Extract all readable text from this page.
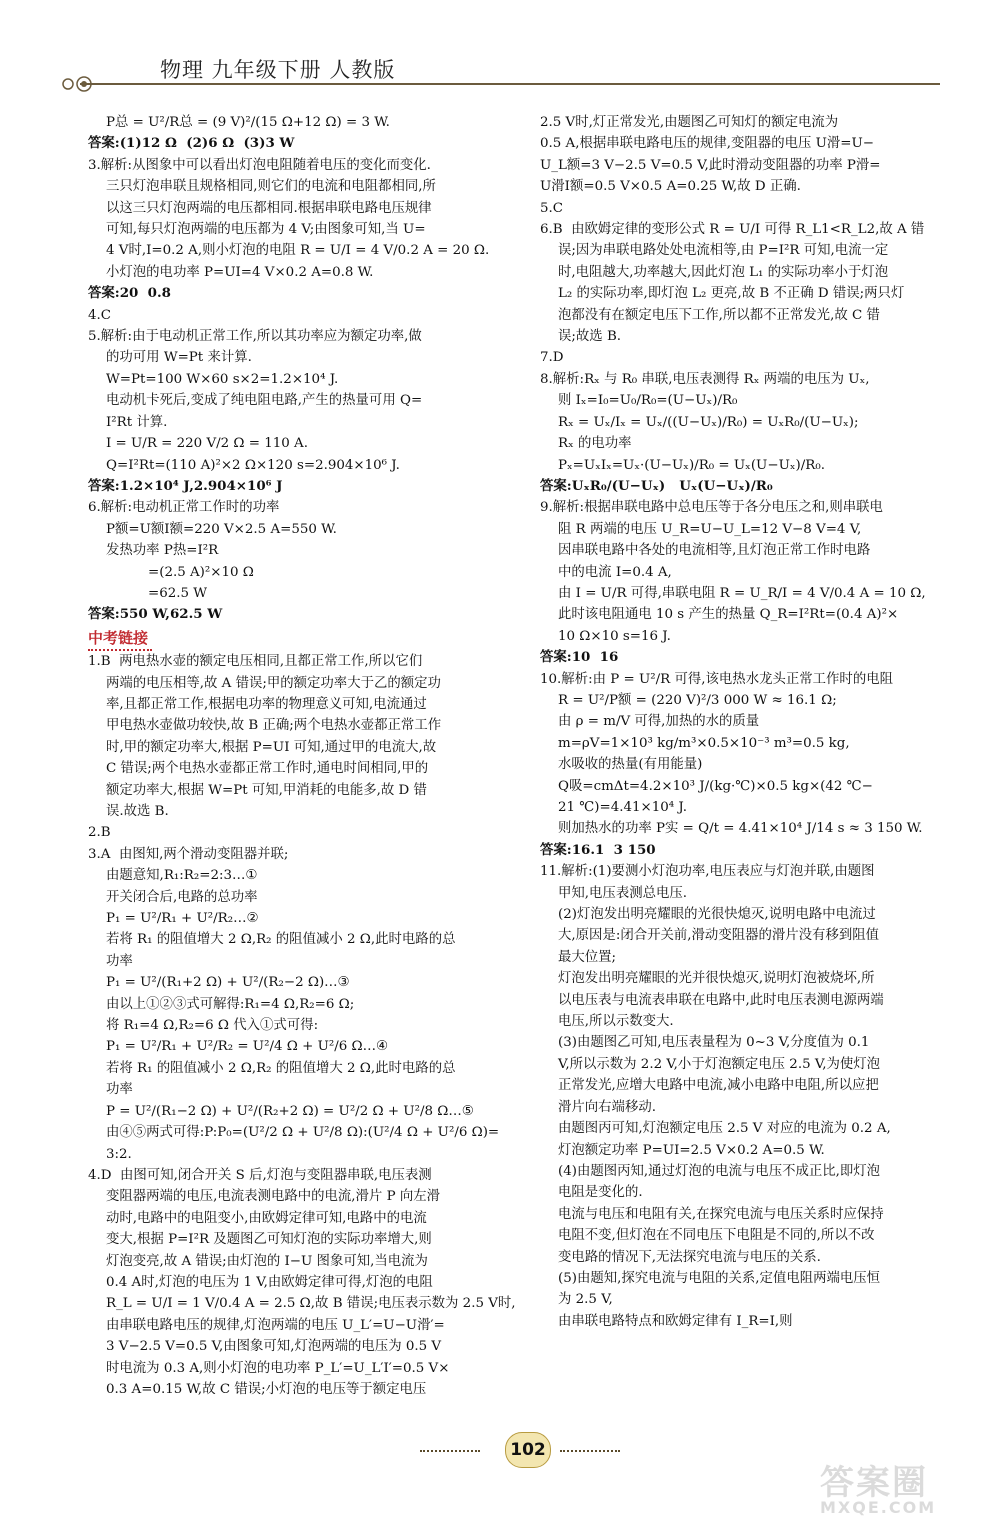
物理 九年级下册 人教版

P总 = U²/R总 = (9 V)²/(15 Ω+12 Ω) = 3 W.

答案:(1)12 Ω  (2)6 Ω  (3)3 W

3.解析:从图象中可以看出灯泡电阻随着电压的变化而变化.

三只灯泡串联且规格相同,则它们的电流和电阻都相同,所

以这三只灯泡两端的电压都相同.根据串联电路电压规律

可知,每只灯泡两端的电压都为 4 V;由图象可知,当 U=

4 V时,I=0.2 A,则小灯泡的电阻 R = U/I = 4 V/0.2 A = 20 Ω.

小灯泡的电功率 P=UI=4 V×0.2 A=0.8 W.

答案:20  0.8

4.C

5.解析:由于电动机正常工作,所以其功率应为额定功率,做

的功可用 W=Pt 来计算.

W=Pt=100 W×60 s×2=1.2×10⁴ J.

电动机卡死后,变成了纯电阻电路,产生的热量可用 Q=

I²Rt 计算.

I = U/R = 220 V/2 Ω = 110 A.

Q=I²Rt=(110 A)²×2 Ω×120 s=2.904×10⁶ J.

答案:1.2×10⁴ J,2.904×10⁶ J

6.解析:电动机正常工作时的功率

P额=U额I额=220 V×2.5 A=550 W.

发热功率 P热=I²R

=(2.5 A)²×10 Ω

=62.5 W

答案:550 W,62.5 W

中考链接

1.B  两电热水壶的额定电压相同,且都正常工作,所以它们

两端的电压相等,故 A 错误;甲的额定功率大于乙的额定功

率,且都正常工作,根据电功率的物理意义可知,电流通过

甲电热水壶做功较快,故 B 正确;两个电热水壶都正常工作

时,甲的额定功率大,根据 P=UI 可知,通过甲的电流大,故

C 错误;两个电热水壶都正常工作时,通电时间相同,甲的

额定功率大,根据 W=Pt 可知,甲消耗的电能多,故 D 错

误.故选 B.

2.B

3.A  由图知,两个滑动变阻器并联;

由题意知,R₁:R₂=2:3…①

开关闭合后,电路的总功率

P₁ = U²/R₁ + U²/R₂…②

若将 R₁ 的阻值增大 2 Ω,R₂ 的阻值减小 2 Ω,此时电路的总

功率

P₁ = U²/(R₁+2 Ω) + U²/(R₂−2 Ω)…③

由以上①②③式可解得:R₁=4 Ω,R₂=6 Ω;

将 R₁=4 Ω,R₂=6 Ω 代入①式可得:

P₁ = U²/R₁ + U²/R₂ = U²/4 Ω + U²/6 Ω…④

若将 R₁ 的阻值减小 2 Ω,R₂ 的阻值增大 2 Ω,此时电路的总

功率

P = U²/(R₁−2 Ω) + U²/(R₂+2 Ω) = U²/2 Ω + U²/8 Ω…⑤

由④⑤两式可得:P:P₀=(U²/2 Ω + U²/8 Ω):(U²/4 Ω + U²/6 Ω)=

3:2.

4.D  由图可知,闭合开关 S 后,灯泡与变阻器串联,电压表测

变阻器两端的电压,电流表测电路中的电流,滑片 P 向左滑

动时,电路中的电阻变小,由欧姆定律可知,电路中的电流

变大,根据 P=I²R 及题图乙可知灯泡的实际功率增大,则

灯泡变亮,故 A 错误;由灯泡的 I−U 图象可知,当电流为

0.4 A时,灯泡的电压为 1 V,由欧姆定律可得,灯泡的电阻

R_L = U/I = 1 V/0.4 A = 2.5 Ω,故 B 错误;电压表示数为 2.5 V时,

由串联电路电压的规律,灯泡两端的电压 U_L′=U−U滑′=

3 V−2.5 V=0.5 V,由图象可知,灯泡两端的电压为 0.5 V

时电流为 0.3 A,则小灯泡的电功率 P_L′=U_L′I′=0.5 V×

0.3 A=0.15 W,故 C 错误;小灯泡的电压等于额定电压

2.5 V时,灯正常发光,由题图乙可知灯的额定电流为

0.5 A,根据串联电路电压的规律,变阻器的电压 U滑=U−

U_L额=3 V−2.5 V=0.5 V,此时滑动变阻器的功率 P滑=

U滑I额=0.5 V×0.5 A=0.25 W,故 D 正确.

5.C

6.B  由欧姆定律的变形公式 R = U/I 可得 R_L1<R_L2,故 A 错

误;因为串联电路处处电流相等,由 P=I²R 可知,电流一定

时,电阻越大,功率越大,因此灯泡 L₁ 的实际功率小于灯泡

L₂ 的实际功率,即灯泡 L₂ 更亮,故 B 不正确 D 错误;两只灯

泡都没有在额定电压下工作,所以都不正常发光,故 C 错

误;故选 B.

7.D

8.解析:Rₓ 与 R₀ 串联,电压表测得 Rₓ 两端的电压为 Uₓ,

则 Iₓ=I₀=U₀/R₀=(U−Uₓ)/R₀

Rₓ = Uₓ/Iₓ = Uₓ/((U−Uₓ)/R₀) = UₓR₀/(U−Uₓ);

Rₓ 的电功率

Pₓ=UₓIₓ=Uₓ·(U−Uₓ)/R₀ = Uₓ(U−Uₓ)/R₀.

答案:UₓR₀/(U−Uₓ)   Uₓ(U−Uₓ)/R₀

9.解析:根据串联电路中总电压等于各分电压之和,则串联电

阻 R 两端的电压 U_R=U−U_L=12 V−8 V=4 V,

因串联电路中各处的电流相等,且灯泡正常工作时电路

中的电流 I=0.4 A,

由 I = U/R 可得,串联电阻 R = U_R/I = 4 V/0.4 A = 10 Ω,

此时该电阻通电 10 s 产生的热量 Q_R=I²Rt=(0.4 A)²×

10 Ω×10 s=16 J.

答案:10  16

10.解析:由 P = U²/R 可得,该电热水龙头正常工作时的电阻

R = U²/P额 = (220 V)²/3 000 W ≈ 16.1 Ω;

由 ρ = m/V 可得,加热的水的质量

m=ρV=1×10³ kg/m³×0.5×10⁻³ m³=0.5 kg,

水吸收的热量(有用能量)

Q吸=cmΔt=4.2×10³ J/(kg·℃)×0.5 kg×(42 ℃−

21 ℃)=4.41×10⁴ J.

则加热水的功率 P实 = Q/t = 4.41×10⁴ J/14 s ≈ 3 150 W.

答案:16.1  3 150

11.解析:(1)要测小灯泡功率,电压表应与灯泡并联,由题图

甲知,电压表测总电压.

(2)灯泡发出明亮耀眼的光很快熄灭,说明电路中电流过

大,原因是:闭合开关前,滑动变阻器的滑片没有移到阻值

最大位置;

灯泡发出明亮耀眼的光并很快熄灭,说明灯泡被烧坏,所

以电压表与电流表串联在电路中,此时电压表测电源两端

电压,所以示数变大.

(3)由题图乙可知,电压表量程为 0~3 V,分度值为 0.1

V,所以示数为 2.2 V,小于灯泡额定电压 2.5 V,为使灯泡

正常发光,应增大电路中电流,减小电路中电阻,所以应把

滑片向右端移动.

由题图丙可知,灯泡额定电压 2.5 V 对应的电流为 0.2 A,

灯泡额定功率 P=UI=2.5 V×0.2 A=0.5 W.

(4)由题图丙知,通过灯泡的电流与电压不成正比,即灯泡

电阻是变化的.

电流与电压和电阻有关,在探究电流与电压关系时应保持

电阻不变,但灯泡在不同电压下电阻是不同的,所以不改

变电路的情况下,无法探究电流与电压的关系.

(5)由题知,探究电流与电阻的关系,定值电阻两端电压恒

为 2.5 V,

由串联电路特点和欧姆定律有 I_R=I,则

102
答案圈
MXQE.COM
